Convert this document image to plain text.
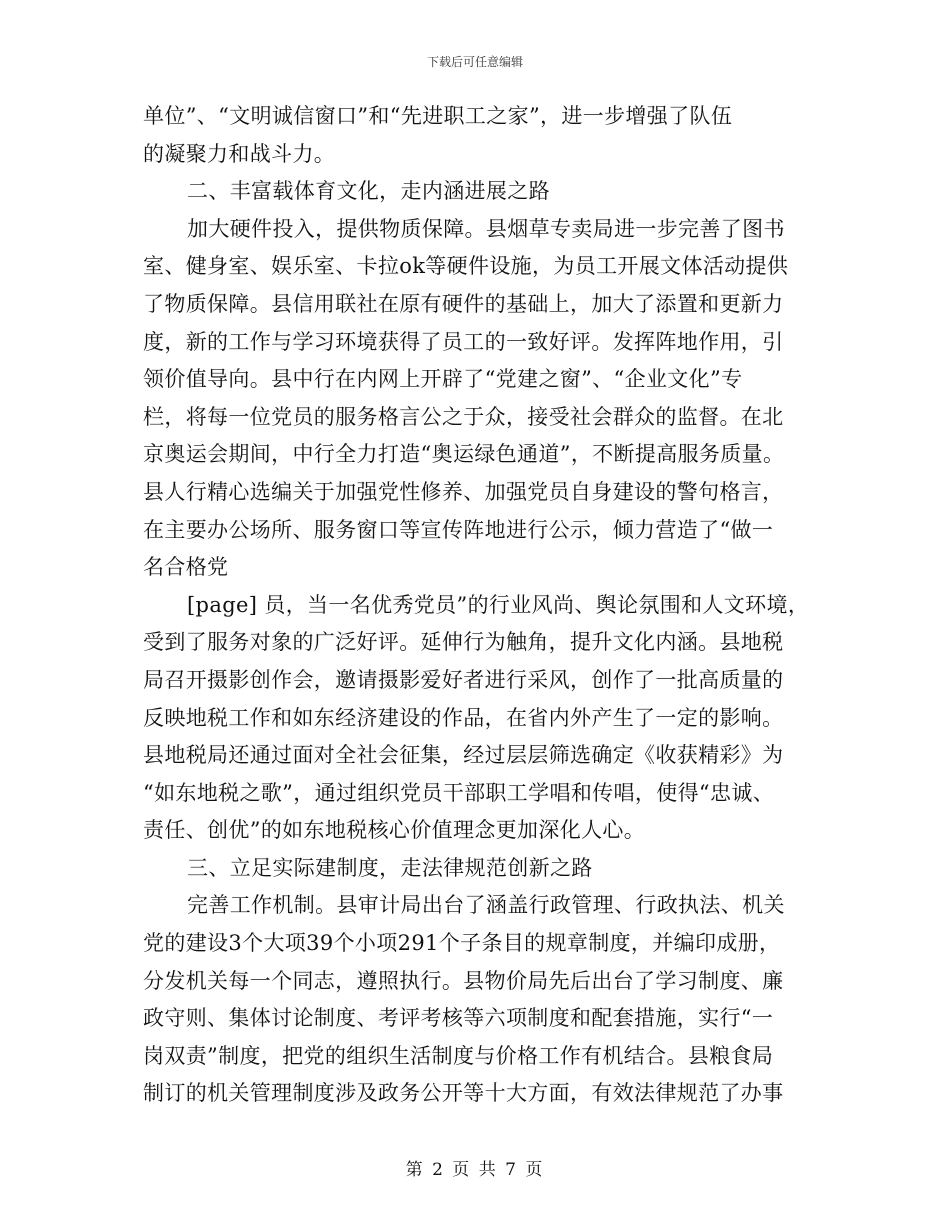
下载后可任意编辑
单位”、“文明诚信窗口”和“先进职工之家”，进一步增强了队伍
的凝聚力和战斗力。
二、丰富载体育文化，走内涵进展之路
加大硬件投入，提供物质保障。县烟草专卖局进一步完善了图书
室、健身室、娱乐室、卡拉ok等硬件设施，为员工开展文体活动提供
了物质保障。县信用联社在原有硬件的基础上，加大了添置和更新力
度，新的工作与学习环境获得了员工的一致好评。发挥阵地作用，引
领价值导向。县中行在内网上开辟了“党建之窗”、“企业文化”专
栏，将每一位党员的服务格言公之于众，接受社会群众的监督。在北
京奥运会期间，中行全力打造“奥运绿色通道”，不断提高服务质量。
县人行精心选编关于加强党性修养、加强党员自身建设的警句格言，
在主要办公场所、服务窗口等宣传阵地进行公示，倾力营造了“做一
名合格党
[page] 员，当一名优秀党员”的行业风尚、舆论氛围和人文环境，
受到了服务对象的广泛好评。延伸行为触角，提升文化内涵。县地税
局召开摄影创作会，邀请摄影爱好者进行采风，创作了一批高质量的
反映地税工作和如东经济建设的作品，在省内外产生了一定的影响。
县地税局还通过面对全社会征集，经过层层筛选确定《收获精彩》为
“如东地税之歌”，通过组织党员干部职工学唱和传唱，使得“忠诚、
责任、创优”的如东地税核心价值理念更加深化人心。
三、立足实际建制度，走法律规范创新之路
完善工作机制。县审计局出台了涵盖行政管理、行政执法、机关
党的建设3个大项39个小项291个子条目的规章制度，并编印成册，
分发机关每一个同志，遵照执行。县物价局先后出台了学习制度、廉
政守则、集体讨论制度、考评考核等六项制度和配套措施，实行“一
岗双责”制度，把党的组织生活制度与价格工作有机结合。县粮食局
制订的机关管理制度涉及政务公开等十大方面，有效法律规范了办事
第 2 页 共 7 页
